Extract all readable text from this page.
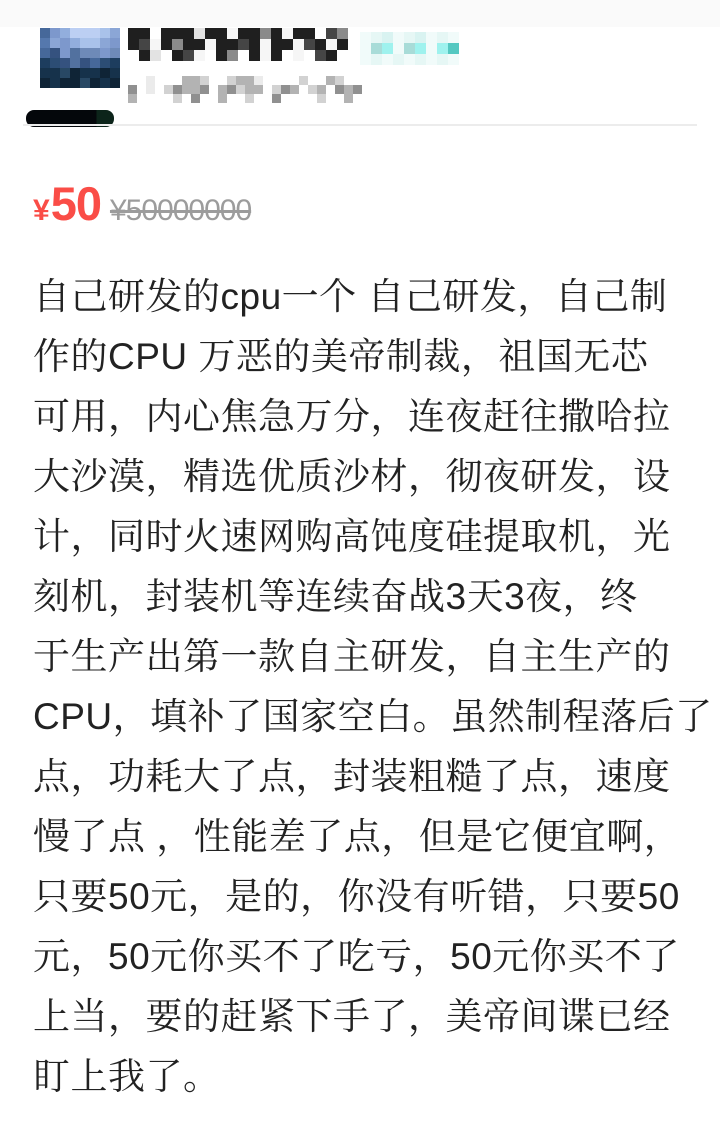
¥ 50 ¥50000000
自己研发的cpu一个 自己研发，自己制
作的CPU 万恶的美帝制裁，祖国无芯
可用，内心焦急万分，连夜赶往撒哈拉
大沙漠，精选优质沙材，彻夜研发，设
计，同时火速网购高饨度硅提取机，光
刻机，封装机等连续奋战3天3夜，终
于生产出第一款自主研发，自主生产的
CPU，填补了国家空白。虽然制程落后了
点，功耗大了点，封装粗糙了点，速度
慢了点 ，性能差了点，但是它便宜啊，
只要50元，是的，你没有听错，只要50
元，50元你买不了吃亏，50元你买不了
上当，要的赶紧下手了，美帝间谍已经
盯上我了。
